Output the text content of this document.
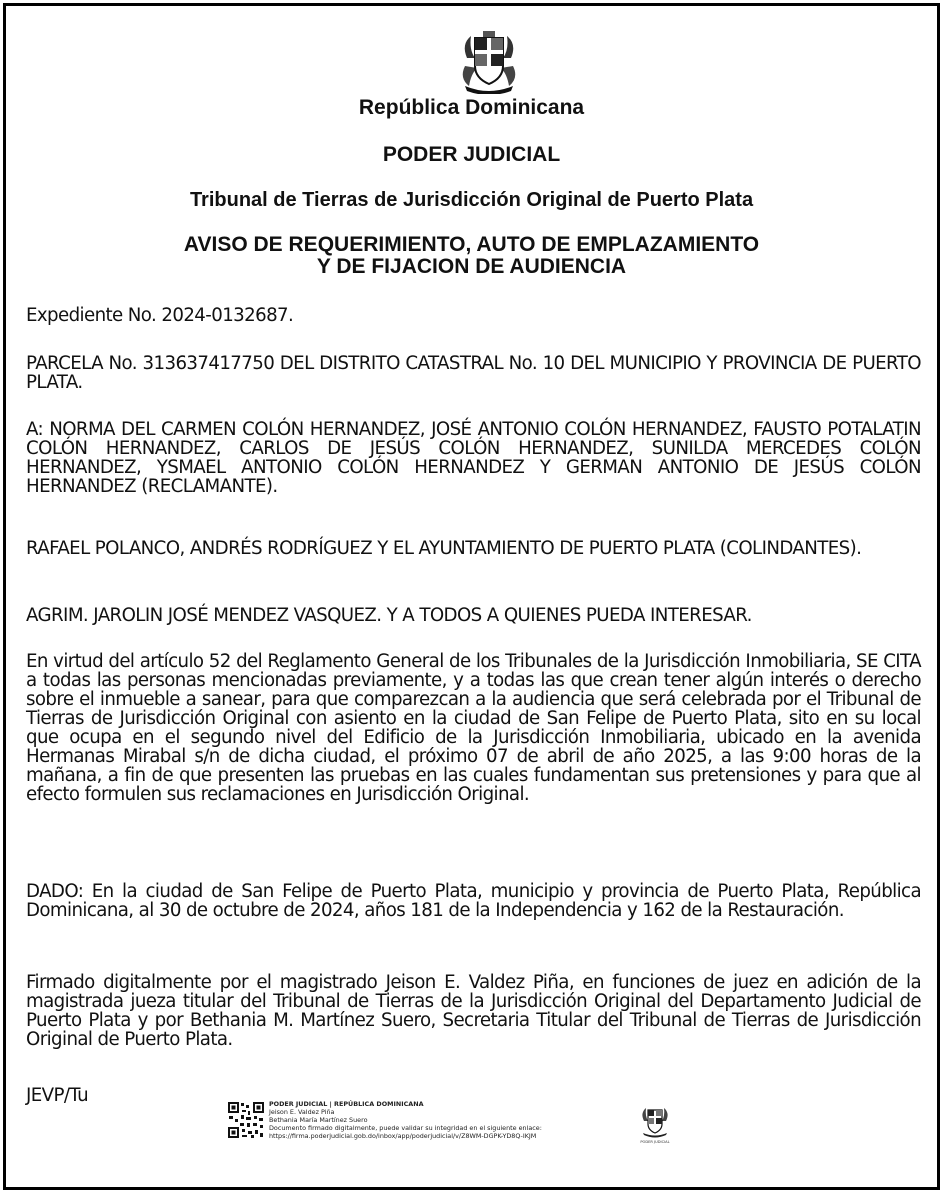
República Dominicana
PODER JUDICIAL
Tribunal de Tierras de Jurisdicción Original de Puerto Plata
AVISO DE REQUERIMIENTO, AUTO DE EMPLAZAMIENTO
Y DE FIJACION DE AUDIENCIA
Expediente No. 2024-0132687.
PARCELA No. 313637417750 DEL DISTRITO CATASTRAL No. 10 DEL MUNICIPIO Y PROVINCIA DE PUERTO PLATA.
A: NORMA DEL CARMEN COLÓN HERNANDEZ, JOSÉ ANTONIO COLÓN HERNANDEZ, FAUSTO POTALATIN COLÓN HERNANDEZ, CARLOS DE JESÚS COLÓN HERNANDEZ, SUNILDA MERCEDES COLÓN HERNANDEZ, YSMAEL ANTONIO COLÓN HERNANDEZ Y GERMAN ANTONIO DE JESÚS COLÓN HERNANDEZ (RECLAMANTE).
RAFAEL POLANCO, ANDRÉS RODRÍGUEZ Y EL AYUNTAMIENTO DE PUERTO PLATA (COLINDANTES).
AGRIM. JAROLIN JOSÉ MENDEZ VASQUEZ. Y A TODOS A QUIENES PUEDA INTERESAR.
En virtud del artículo 52 del Reglamento General de los Tribunales de la Jurisdicción Inmobiliaria, SE CITA a todas las personas mencionadas previamente, y a todas las que crean tener algún interés o derecho sobre el inmueble a sanear, para que comparezcan a la audiencia que será celebrada por el Tribunal de Tierras de Jurisdicción Original con asiento en la ciudad de San Felipe de Puerto Plata, sito en su local que ocupa en el segundo nivel del Edificio de la Jurisdicción Inmobiliaria, ubicado en la avenida Hermanas Mirabal s/n de dicha ciudad, el próximo 07 de abril de año 2025, a las 9:00 horas de la mañana, a fin de que presenten las pruebas en las cuales fundamentan sus pretensiones y para que al efecto formulen sus reclamaciones en Jurisdicción Original.
DADO: En la ciudad de San Felipe de Puerto Plata, municipio y provincia de Puerto Plata, República Dominicana, al 30 de octubre de 2024, años 181 de la Independencia y 162 de la Restauración.
Firmado digitalmente por el magistrado Jeison E. Valdez Piña, en funciones de juez en adición de la magistrada jueza titular del Tribunal de Tierras de la Jurisdicción Original del Departamento Judicial de Puerto Plata y por Bethania M. Martínez Suero, Secretaria Titular del Tribunal de Tierras de Jurisdicción Original de Puerto Plata.
JEVP/Tu	PODER JUDICIAL | REPÚBLICA DOMINICANA
Jeison E. Valdez Piña
Bethania María Martínez Suero
Documento firmado digitalmente, puede validar su integridad en el siguiente enlace:
https://firma.poderjudicial.gob.do/inbox/app/poderjudicial/v/Z8WM-DGPK-YD8Q-IKJM
PODER JUDICIAL
